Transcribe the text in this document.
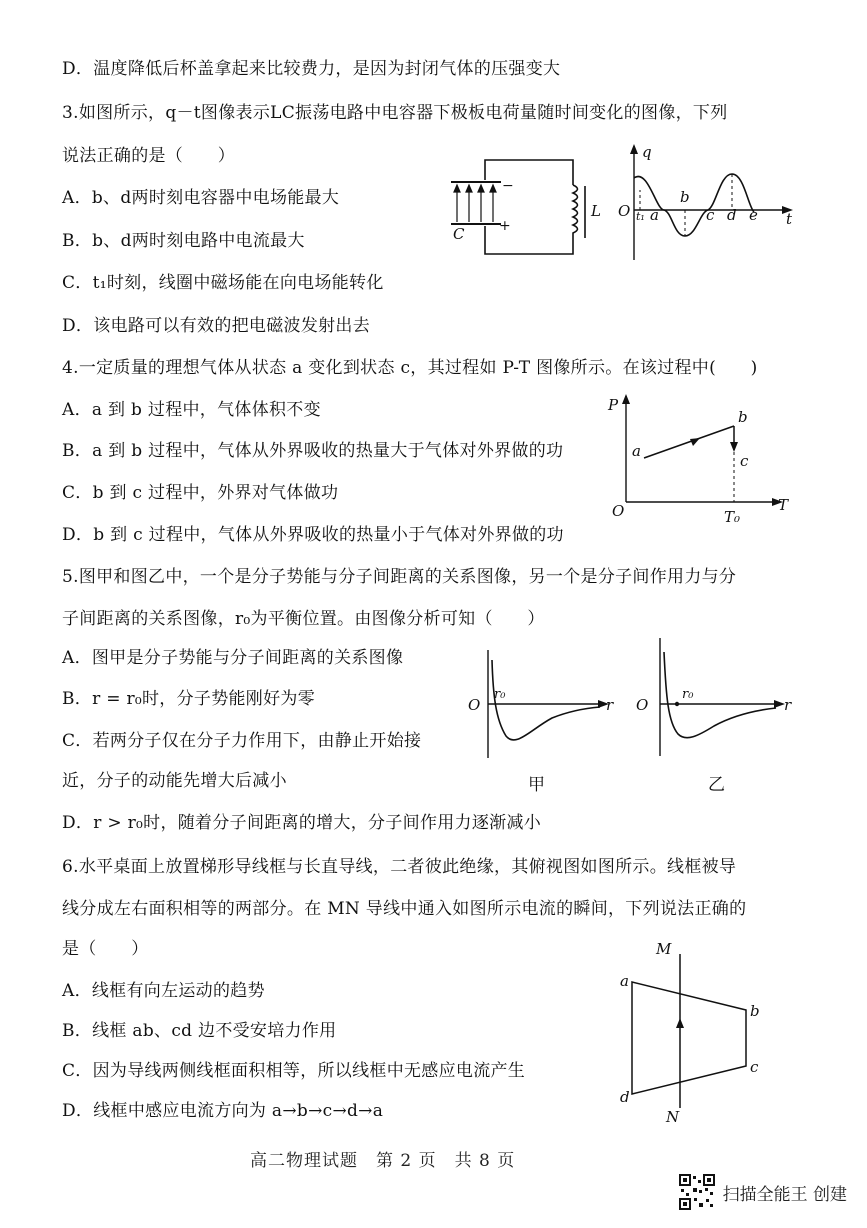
D．温度降低后杯盖拿起来比较费力，是因为封闭气体的压强变大
3.如图所示，q－t图像表示LC振荡电路中电容器下极板电荷量随时间变化的图像，下列
说法正确的是（　　）
A．b、d两时刻电容器中电场能最大
B．b、d两时刻电路中电流最大
C．t₁时刻，线圈中磁场能在向电场能转化
D．该电路可以有效的把电磁波发射出去
4.一定质量的理想气体从状态 a 变化到状态 c，其过程如 P-T 图像所示。在该过程中(　　)
A．a 到 b 过程中，气体体积不变
B．a 到 b 过程中，气体从外界吸收的热量大于气体对外界做的功
C．b 到 c 过程中，外界对气体做功
D．b 到 c 过程中，气体从外界吸收的热量小于气体对外界做的功
5.图甲和图乙中，一个是分子势能与分子间距离的关系图像，另一个是分子间作用力与分
子间距离的关系图像，r₀为平衡位置。由图像分析可知（　　）
A．图甲是分子势能与分子间距离的关系图像
B．r = r₀时，分子势能刚好为零
C．若两分子仅在分子力作用下，由静止开始接
近，分子的动能先增大后减小
D．r > r₀时，随着分子间距离的增大，分子间作用力逐渐减小
6.水平桌面上放置梯形导线框与长直导线，二者彼此绝缘，其俯视图如图所示。线框被导
线分成左右面积相等的两部分。在 MN 导线中通入如图所示电流的瞬间，下列说法正确的
是（　　）
A．线框有向左运动的趋势
B．线框 ab、cd 边不受安培力作用
C．因为导线两侧线框面积相等，所以线框中无感应电流产生
D．线框中感应电流方向为 a→b→c→d→a
−
+
C
L
q
O	t
t₁ a
b
c d e
P
T
O
a
b
c
T₀
O	r
r₀
甲
O	r
r₀
乙
M
N
a
b
c
d
高二物理试题　第 2 页　共 8 页
扫描全能王 创建
